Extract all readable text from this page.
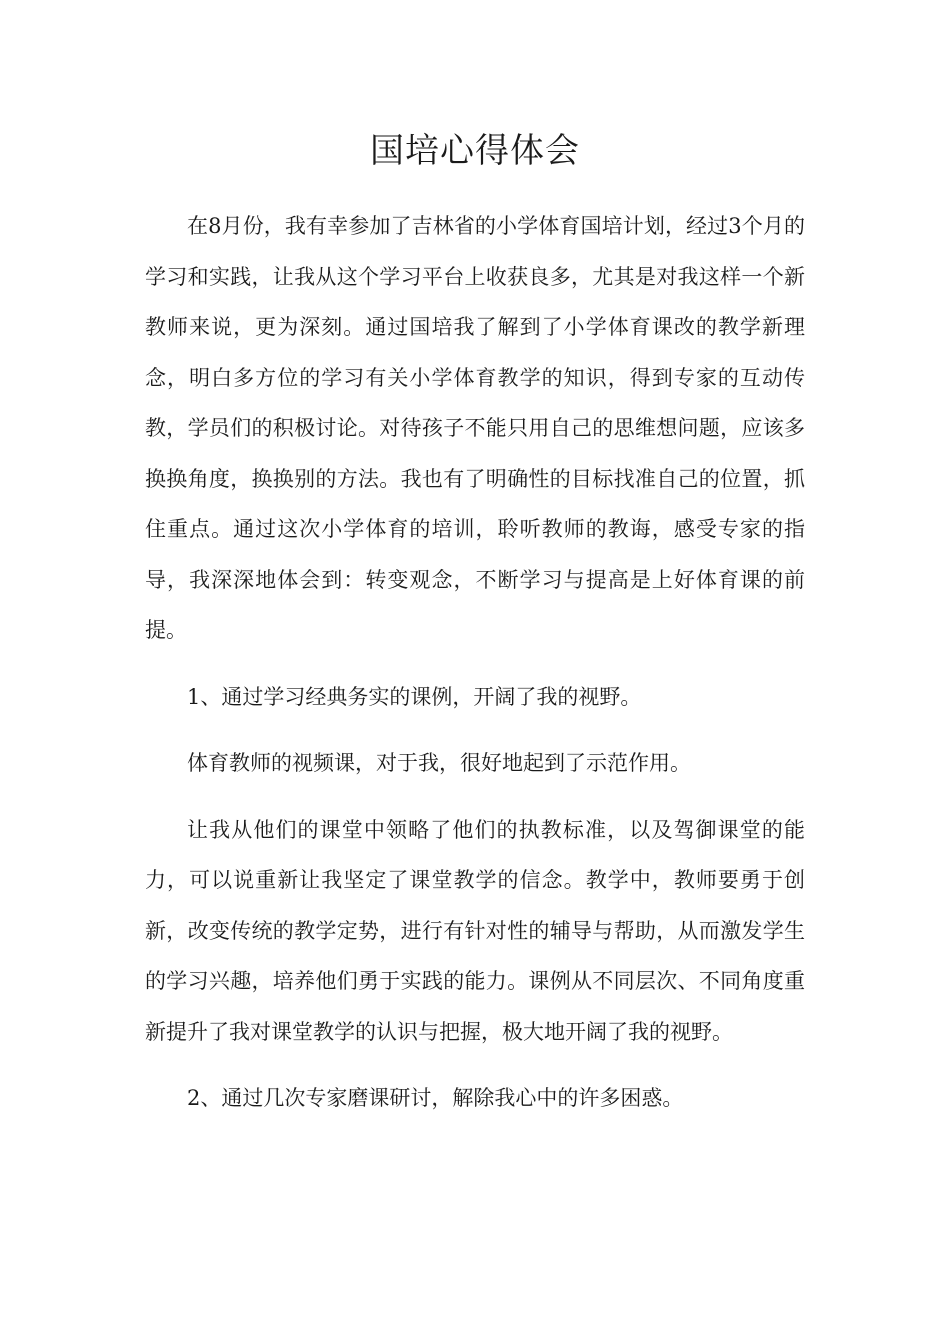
国培心得体会

在8月份，我有幸参加了吉林省的小学体育国培计划，经过3个月的学习和实践，让我从这个学习平台上收获良多，尤其是对我这样一个新教师来说，更为深刻。通过国培我了解到了小学体育课改的教学新理念，明白多方位的学习有关小学体育教学的知识，得到专家的互动传教，学员们的积极讨论。对待孩子不能只用自己的思维想问题，应该多换换角度，换换别的方法。我也有了明确性的目标找准自己的位置，抓住重点。通过这次小学体育的培训，聆听教师的教诲，感受专家的指导，我深深地体会到：转变观念，不断学习与提高是上好体育课的前提。

1、通过学习经典务实的课例，开阔了我的视野。

体育教师的视频课，对于我，很好地起到了示范作用。

让我从他们的课堂中领略了他们的执教标准，以及驾御课堂的能力，可以说重新让我坚定了课堂教学的信念。教学中，教师要勇于创新，改变传统的教学定势，进行有针对性的辅导与帮助，从而激发学生的学习兴趣，培养他们勇于实践的能力。课例从不同层次、不同角度重新提升了我对课堂教学的认识与把握，极大地开阔了我的视野。

2、通过几次专家磨课研讨，解除我心中的许多困惑。
